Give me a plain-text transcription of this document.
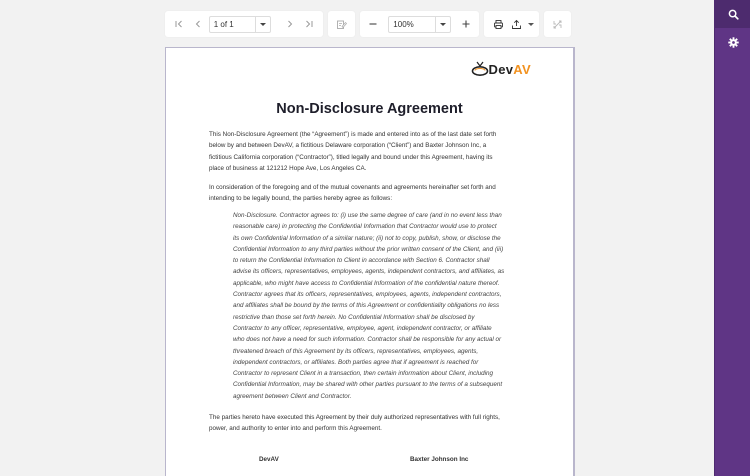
1 of 1	100%
DevAV
Non-Disclosure Agreement
This Non-Disclosure Agreement (the “Agreement”) is made and entered into as of the last date set forth
below by and between DevAV, a fictitious Delaware corporation (“Client”) and Baxter Johnson Inc, a
fictitious California corporation (“Contractor”), titled legally and bound under this Agreement, having its
place of business at 121212 Hope Ave, Los Angeles CA.
In consideration of the foregoing and of the mutual covenants and agreements hereinafter set forth and
intending to be legally bound, the parties hereby agree as follows:
Non-Disclosure. Contractor agrees to: (i) use the same degree of care (and in no event less than
reasonable care) in protecting the Confidential Information that Contractor would use to protect
its own Confidential Information of a similar nature; (ii) not to copy, publish, show, or disclose the
Confidential Information to any third parties without the prior written consent of the Client, and (iii)
to return the Confidential Information to Client in accordance with Section 6. Contractor shall
advise its officers, representatives, employees, agents, independent contractors, and affiliates, as
applicable, who might have access to Confidential Information of the confidential nature thereof.
Contractor agrees that its officers, representatives, employees, agents, independent contractors,
and affiliates shall be bound by the terms of this Agreement or confidentiality obligations no less
restrictive than those set forth herein. No Confidential Information shall be disclosed by
Contractor to any officer, representative, employee, agent, independent contractor, or affiliate
who does not have a need for such information. Contractor shall be responsible for any actual or
threatened breach of this Agreement by its officers, representatives, employees, agents,
independent contractors, or affiliates. Both parties agree that if agreement is reached for
Contractor to represent Client in a transaction, then certain information about Client, including
Confidential Information, may be shared with other parties pursuant to the terms of a subsequent
agreement between Client and Contractor.
The parties hereto have executed this Agreement by their duly authorized representatives with full rights,
power, and authority to enter into and perform this Agreement.
DevAV	Baxter Johnson Inc
